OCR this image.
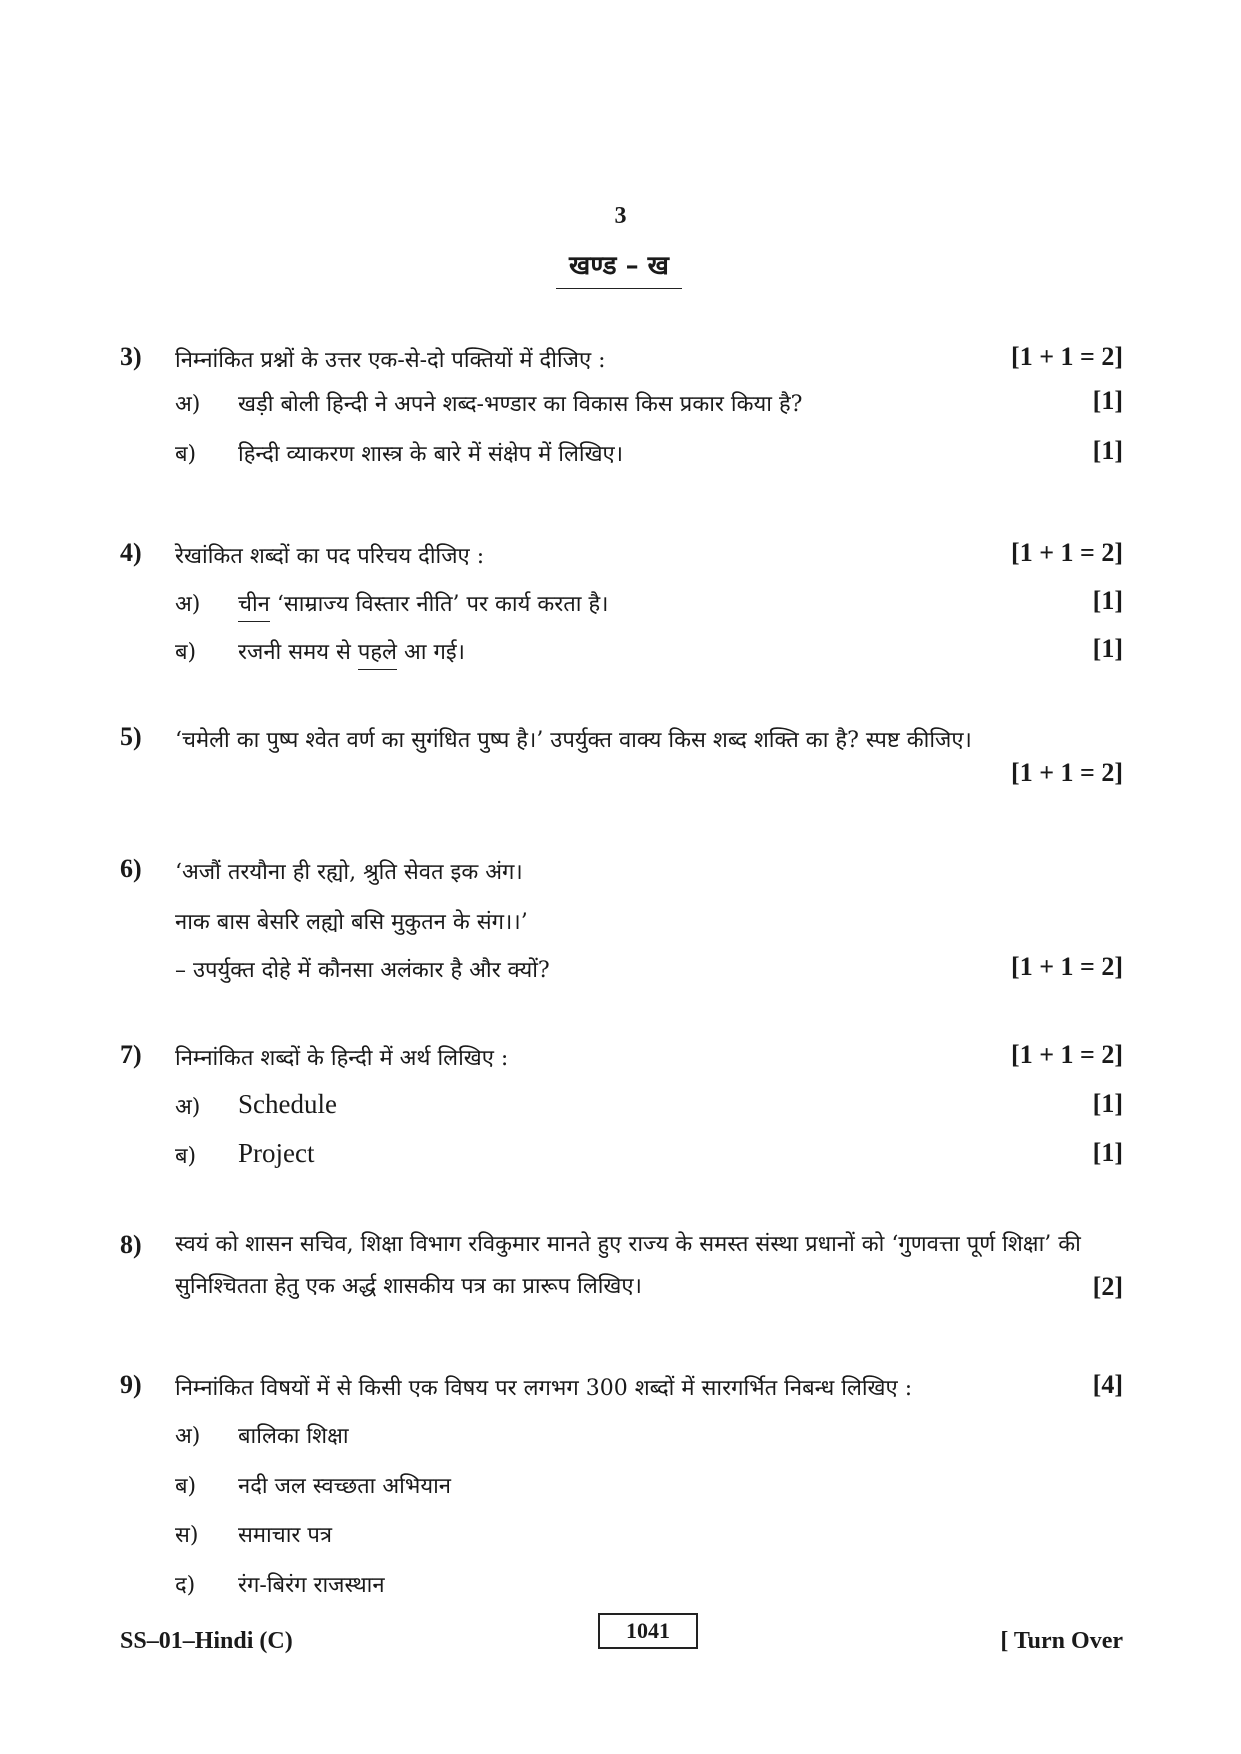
3
खण्ड – ख
3) निम्नांकित प्रश्नों के उत्तर एक-से-दो पक्तियों में दीजिए :	[1 + 1 = 2]
अ) खड़ी बोली हिन्दी ने अपने शब्द-भण्डार का विकास किस प्रकार किया है?	[1]
ब) हिन्दी व्याकरण शास्त्र के बारे में संक्षेप में लिखिए।	[1]
4) रेखांकित शब्दों का पद परिचय दीजिए :	[1 + 1 = 2]
अ) चीन ‘साम्राज्य विस्तार नीति’ पर कार्य करता है।	[1]
ब) रजनी समय से पहले आ गई।	[1]
5) ‘चमेली का पुष्प श्वेत वर्ण का सुगंधित पुष्प है।’ उपर्युक्त वाक्य किस शब्द शक्ति का है? स्पष्ट कीजिए।
[1 + 1 = 2]
6) ‘अजौं तरयौना ही रह्यो, श्रुति सेवत इक अंग।
नाक बास बेसरि लह्यो बसि मुकुतन के संग।।’
– उपर्युक्त दोहे में कौनसा अलंकार है और क्यों?	[1 + 1 = 2]
7) निम्नांकित शब्दों के हिन्दी में अर्थ लिखिए :	[1 + 1 = 2]
अ) Schedule	[1]
ब) Project	[1]
8) स्वयं को शासन सचिव, शिक्षा विभाग रविकुमार मानते हुए राज्य के समस्त संस्था प्रधानों को ‘गुणवत्ता पूर्ण शिक्षा’ की सुनिश्चितता हेतु एक अर्द्ध शासकीय पत्र का प्रारूप लिखिए।	[2]
9) निम्नांकित विषयों में से किसी एक विषय पर लगभग 300 शब्दों में सारगर्भित निबन्ध लिखिए :	[4]
अ) बालिका शिक्षा
ब) नदी जल स्वच्छता अभियान
स) समाचार पत्र
द) रंग-बिरंग राजस्थान
SS–01–Hindi (C)	1041	[ Turn Over
